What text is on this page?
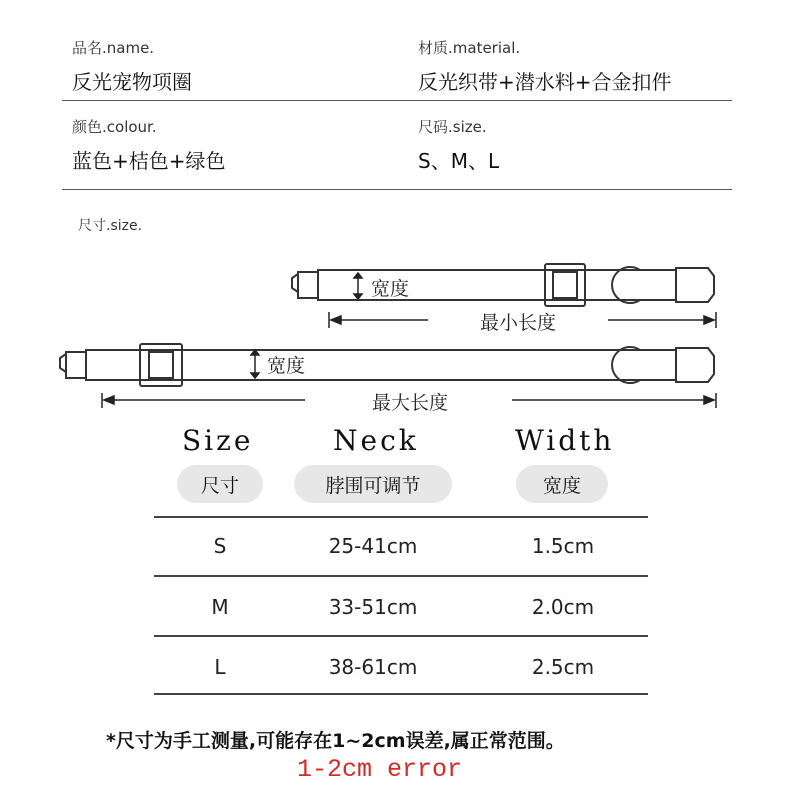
品名.name.
反光宠物项圈
材质.material.
反光织带+潜水料+合金扣件
颜色.colour.
蓝色+桔色+绿色
尺码.size.
S、M、L
尺寸.size.
宽度
最小长度
宽度
最大长度
Size	Neck	Width
尺寸	脖围可调节	宽度
S	25-41cm	1.5cm
M	33-51cm	2.0cm
L	38-61cm	2.5cm
*尺寸为手工测量,可能存在1~2cm误差,属正常范围。
1-2cm error
